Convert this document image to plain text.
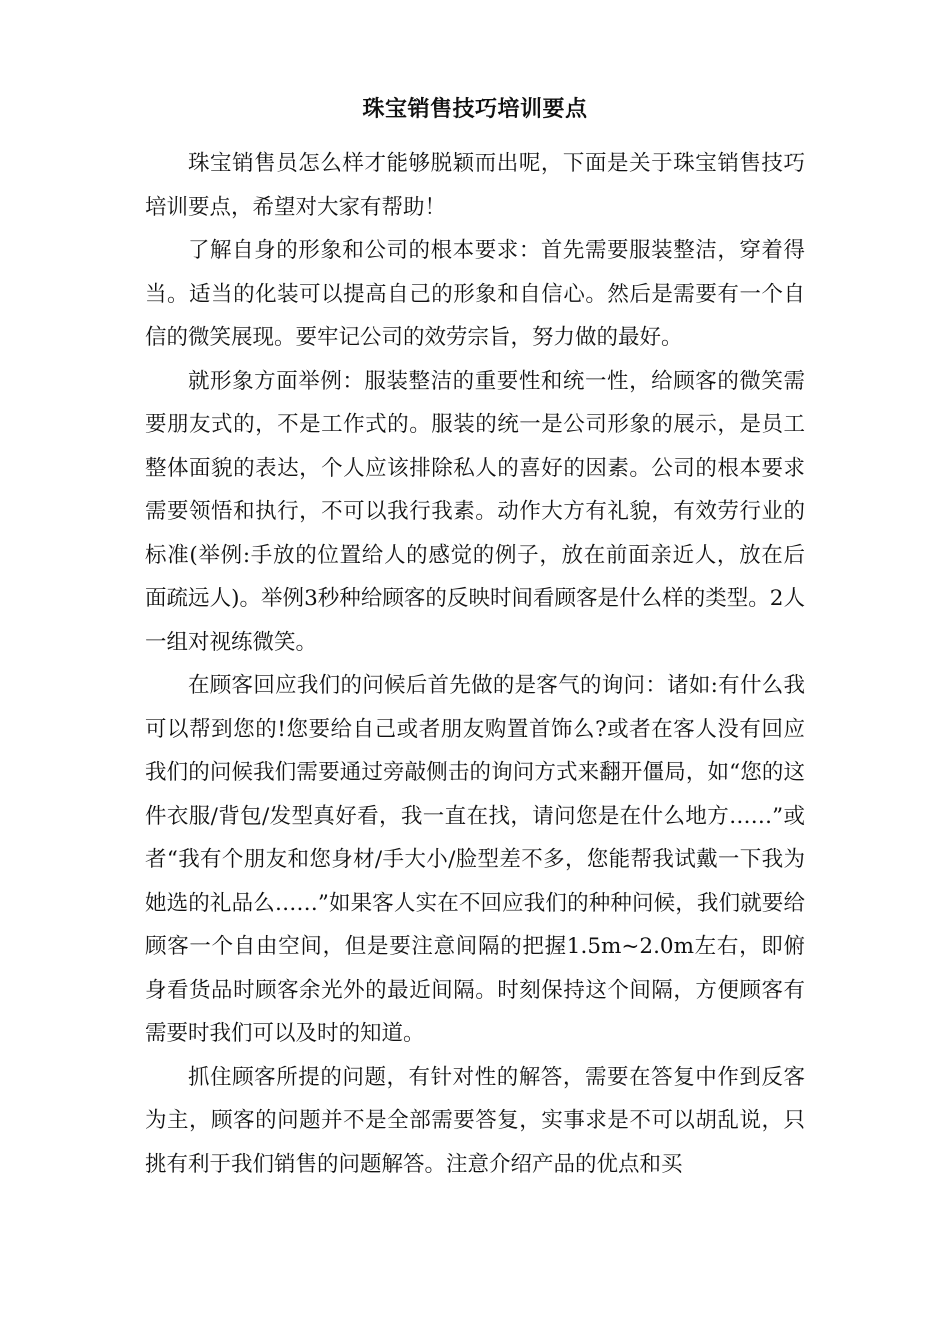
珠宝销售技巧培训要点

珠宝销售员怎么样才能够脱颖而出呢，下面是关于珠宝销售技巧培训要点，希望对大家有帮助！

了解自身的形象和公司的根本要求：首先需要服装整洁，穿着得当。适当的化装可以提高自己的形象和自信心。然后是需要有一个自信的微笑展现。要牢记公司的效劳宗旨，努力做的最好。

就形象方面举例：服装整洁的重要性和统一性，给顾客的微笑需要朋友式的，不是工作式的。服装的统一是公司形象的展示，是员工整体面貌的表达，个人应该排除私人的喜好的因素。公司的根本要求需要领悟和执行，不可以我行我素。动作大方有礼貌，有效劳行业的标准(举例:手放的位置给人的感觉的例子，放在前面亲近人，放在后面疏远人)。举例3秒种给顾客的反映时间看顾客是什么样的类型。2人一组对视练微笑。

在顾客回应我们的问候后首先做的是客气的询问：诸如:有什么我可以帮到您的!您要给自己或者朋友购置首饰么?或者在客人没有回应我们的问候我们需要通过旁敲侧击的询问方式来翻开僵局，如“您的这件衣服/背包/发型真好看，我一直在找，请问您是在什么地方……”或者“我有个朋友和您身材/手大小/脸型差不多，您能帮我试戴一下我为她选的礼品么……”如果客人实在不回应我们的种种问候，我们就要给顾客一个自由空间，但是要注意间隔的把握1.5m~2.0m左右，即俯身看货品时顾客余光外的最近间隔。时刻保持这个间隔，方便顾客有需要时我们可以及时的知道。

抓住顾客所提的问题，有针对性的解答，需要在答复中作到反客为主，顾客的问题并不是全部需要答复，实事求是不可以胡乱说，只挑有利于我们销售的问题解答。注意介绍产品的优点和买
